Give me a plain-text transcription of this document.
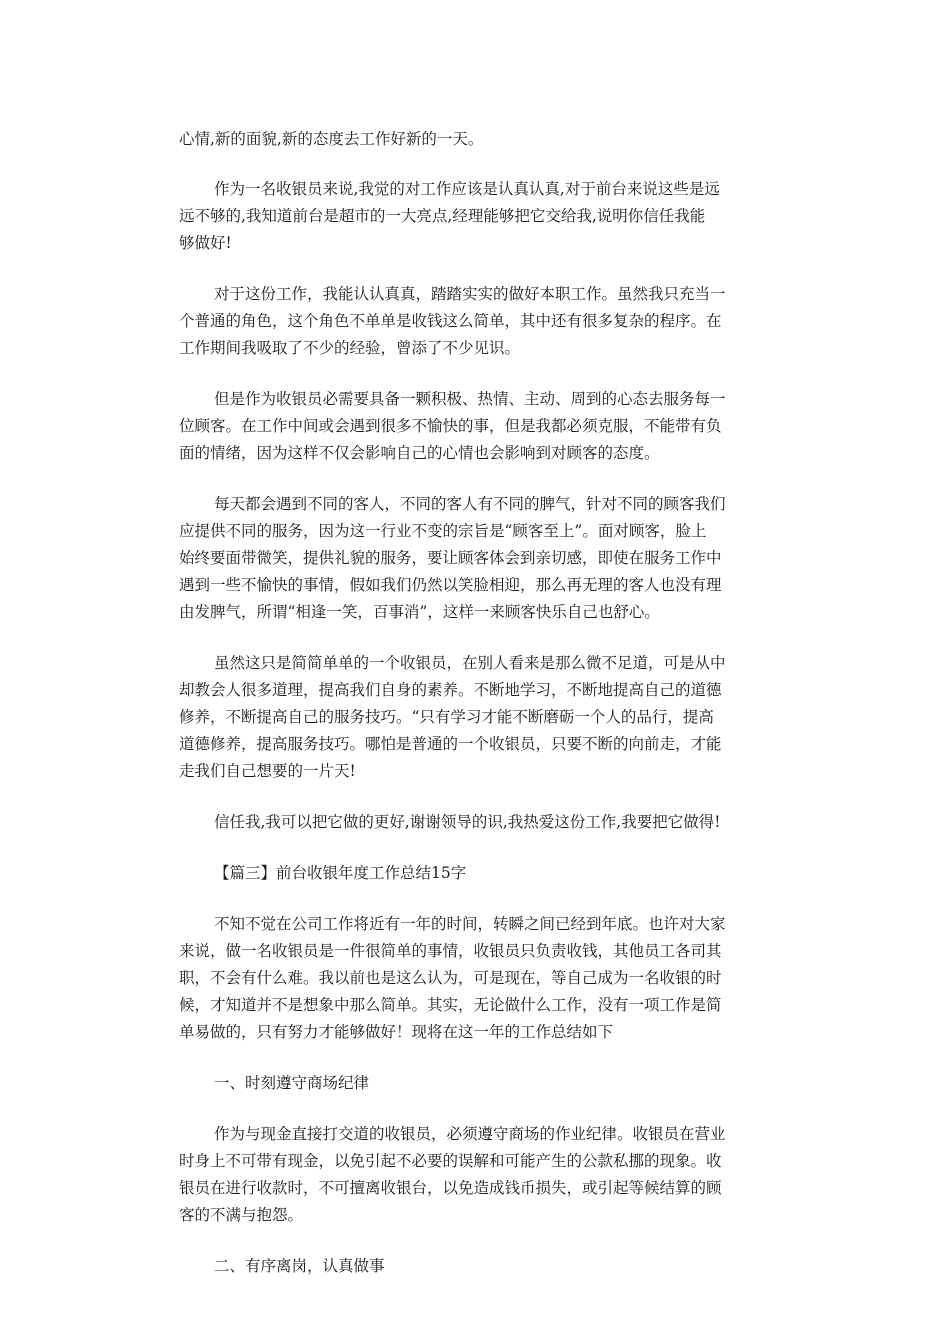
心情,新的面貌,新的态度去工作好新的一天。
作为一名收银员来说,我觉的对工作应该是认真认真,对于前台来说这些是远
远不够的,我知道前台是超市的一大亮点,经理能够把它交给我,说明你信任我能
够做好!
对于这份工作，我能认认真真，踏踏实实的做好本职工作。虽然我只充当一
个普通的角色，这个角色不单单是收钱这么简单，其中还有很多复杂的程序。在
工作期间我吸取了不少的经验，曾添了不少见识。
但是作为收银员必需要具备一颗积极、热情、主动、周到的心态去服务每一
位顾客。在工作中间或会遇到很多不愉快的事，但是我都必须克服，不能带有负
面的情绪，因为这样不仅会影响自己的心情也会影响到对顾客的态度。
每天都会遇到不同的客人，不同的客人有不同的脾气，针对不同的顾客我们
应提供不同的服务，因为这一行业不变的宗旨是“顾客至上”。面对顾客，脸上
始终要面带微笑，提供礼貌的服务，要让顾客体会到亲切感，即使在服务工作中
遇到一些不愉快的事情，假如我们仍然以笑脸相迎，那么再无理的客人也没有理
由发脾气，所谓“相逢一笑，百事消”，这样一来顾客快乐自己也舒心。
虽然这只是简简单单的一个收银员，在别人看来是那么微不足道，可是从中
却教会人很多道理，提高我们自身的素养。不断地学习，不断地提高自己的道德
修养，不断提高自己的服务技巧。“只有学习才能不断磨砺一个人的品行，提高
道德修养，提高服务技巧。哪怕是普通的一个收银员，只要不断的向前走，才能
走我们自己想要的一片天!
信任我,我可以把它做的更好,谢谢领导的识,我热爱这份工作,我要把它做得!
【篇三】前台收银年度工作总结15字
不知不觉在公司工作将近有一年的时间，转瞬之间已经到年底。也许对大家
来说，做一名收银员是一件很简单的事情，收银员只负责收钱，其他员工各司其
职，不会有什么难。我以前也是这么认为，可是现在，等自己成为一名收银的时
候，才知道并不是想象中那么简单。其实，无论做什么工作，没有一项工作是简
单易做的，只有努力才能够做好！现将在这一年的工作总结如下
一、时刻遵守商场纪律
作为与现金直接打交道的收银员，必须遵守商场的作业纪律。收银员在营业
时身上不可带有现金，以免引起不必要的误解和可能产生的公款私挪的现象。收
银员在进行收款时，不可擅离收银台，以免造成钱币损失，或引起等候结算的顾
客的不满与抱怨。
二、有序离岗，认真做事
